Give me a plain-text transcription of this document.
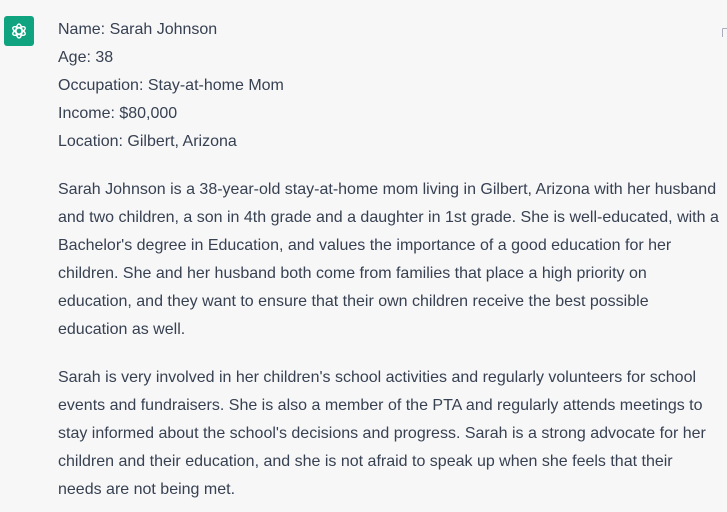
Name: Sarah Johnson
Age: 38
Occupation: Stay-at-home Mom
Income: $80,000
Location: Gilbert, Arizona

Sarah Johnson is a 38-year-old stay-at-home mom living in Gilbert, Arizona with her husband and two children, a son in 4th grade and a daughter in 1st grade. She is well-educated, with a Bachelor's degree in Education, and values the importance of a good education for her children. She and her husband both come from families that place a high priority on education, and they want to ensure that their own children receive the best possible education as well.

Sarah is very involved in her children's school activities and regularly volunteers for school events and fundraisers. She is also a member of the PTA and regularly attends meetings to stay informed about the school's decisions and progress. Sarah is a strong advocate for her children and their education, and she is not afraid to speak up when she feels that their needs are not being met.
